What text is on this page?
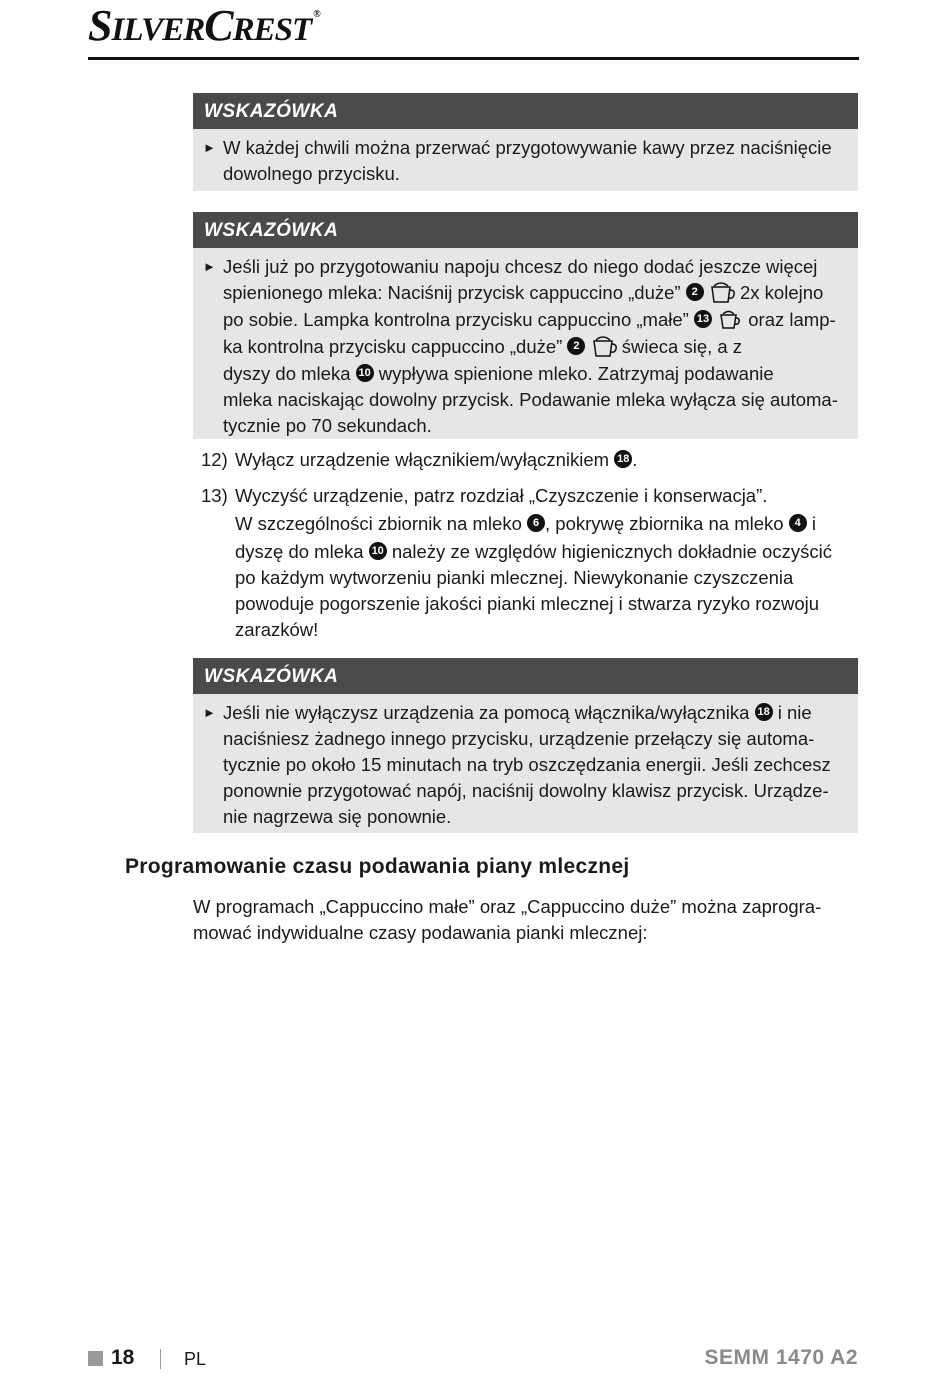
SILVERCREST ®
WSKAZÓWKA
► W każdej chwili można przerwać przygotowywanie kawy przez naciśnięcie dowolnego przycisku.
WSKAZÓWKA
► Jeśli już po przygotowaniu napoju chcesz do niego dodać jeszcze więcej
spienionego mleka: Naciśnij przycisk cappuccino „duże” 2 2x kolejno
po sobie. Lampka kontrolna przycisku cappuccino „małe” 13 oraz lamp-
ka kontrolna przycisku cappuccino „duże” 2 świeca się, a z
dyszy do mleka 10 wypływa spienione mleko. Zatrzymaj podawanie
mleka naciskając dowolny przycisk. Podawanie mleka wyłącza się automa-
tycznie po 70 sekundach.
12) Wyłącz urządzenie włącznikiem/wyłącznikiem 18 .
13) Wyczyść urządzenie, patrz rozdział „Czyszczenie i konserwacja”.
W szczególności zbiornik na mleko 6 , pokrywę zbiornika na mleko 4 i
dyszę do mleka 10 należy ze względów higienicznych dokładnie oczyścić
po każdym wytworzeniu pianki mlecznej. Niewykonanie czyszczenia
powoduje pogorszenie jakości pianki mlecznej i stwarza ryzyko rozwoju
zarazków!
WSKAZÓWKA
► Jeśli nie wyłączysz urządzenia za pomocą włącznika/wyłącznika 18 i nie
naciśniesz żadnego innego przycisku, urządzenie przełączy się automa-
tycznie po około 15 minutach na tryb oszczędzania energii. Jeśli zechcesz
ponownie przygotować napój, naciśnij dowolny klawisz przycisk. Urządze-
nie nagrzewa się ponownie.
Programowanie czasu podawania piany mlecznej
W programach „Cappuccino małe” oraz „Cappuccino duże” można zaprogra-
mować indywidualne czasy podawania pianki mlecznej:
18	PL	SEMM 1470 A2
